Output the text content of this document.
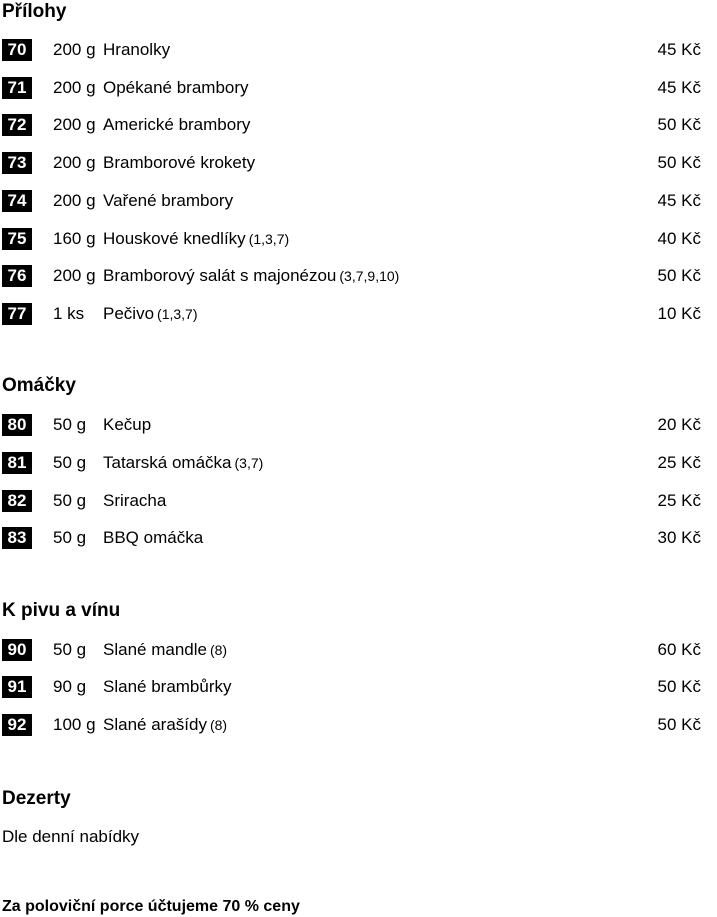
Přílohy
70	200 g Hranolky	45 Kč
71	200 g Opékané brambory	45 Kč
72	200 g Americké brambory	50 Kč
73	200 g Bramborové krokety	50 Kč
74	200 g Vařené brambory	45 Kč
75	160 g Houskové knedlíky (1,3,7)	40 Kč
76	200 g Bramborový salát s majonézou (3,7,9,10)	50 Kč
77	1 ks Pečivo (1,3,7)	10 Kč
Omáčky
80	50 g Kečup	20 Kč
81	50 g Tatarská omáčka (3,7)	25 Kč
82	50 g Sriracha	25 Kč
83	50 g BBQ omáčka	30 Kč
K pivu a vínu
90	50 g Slané mandle (8)	60 Kč
91	90 g Slané brambůrky	50 Kč
92	100 g Slané arašídy (8)	50 Kč
Dezerty
Dle denní nabídky
Za poloviční porce účtujeme 70 % ceny
